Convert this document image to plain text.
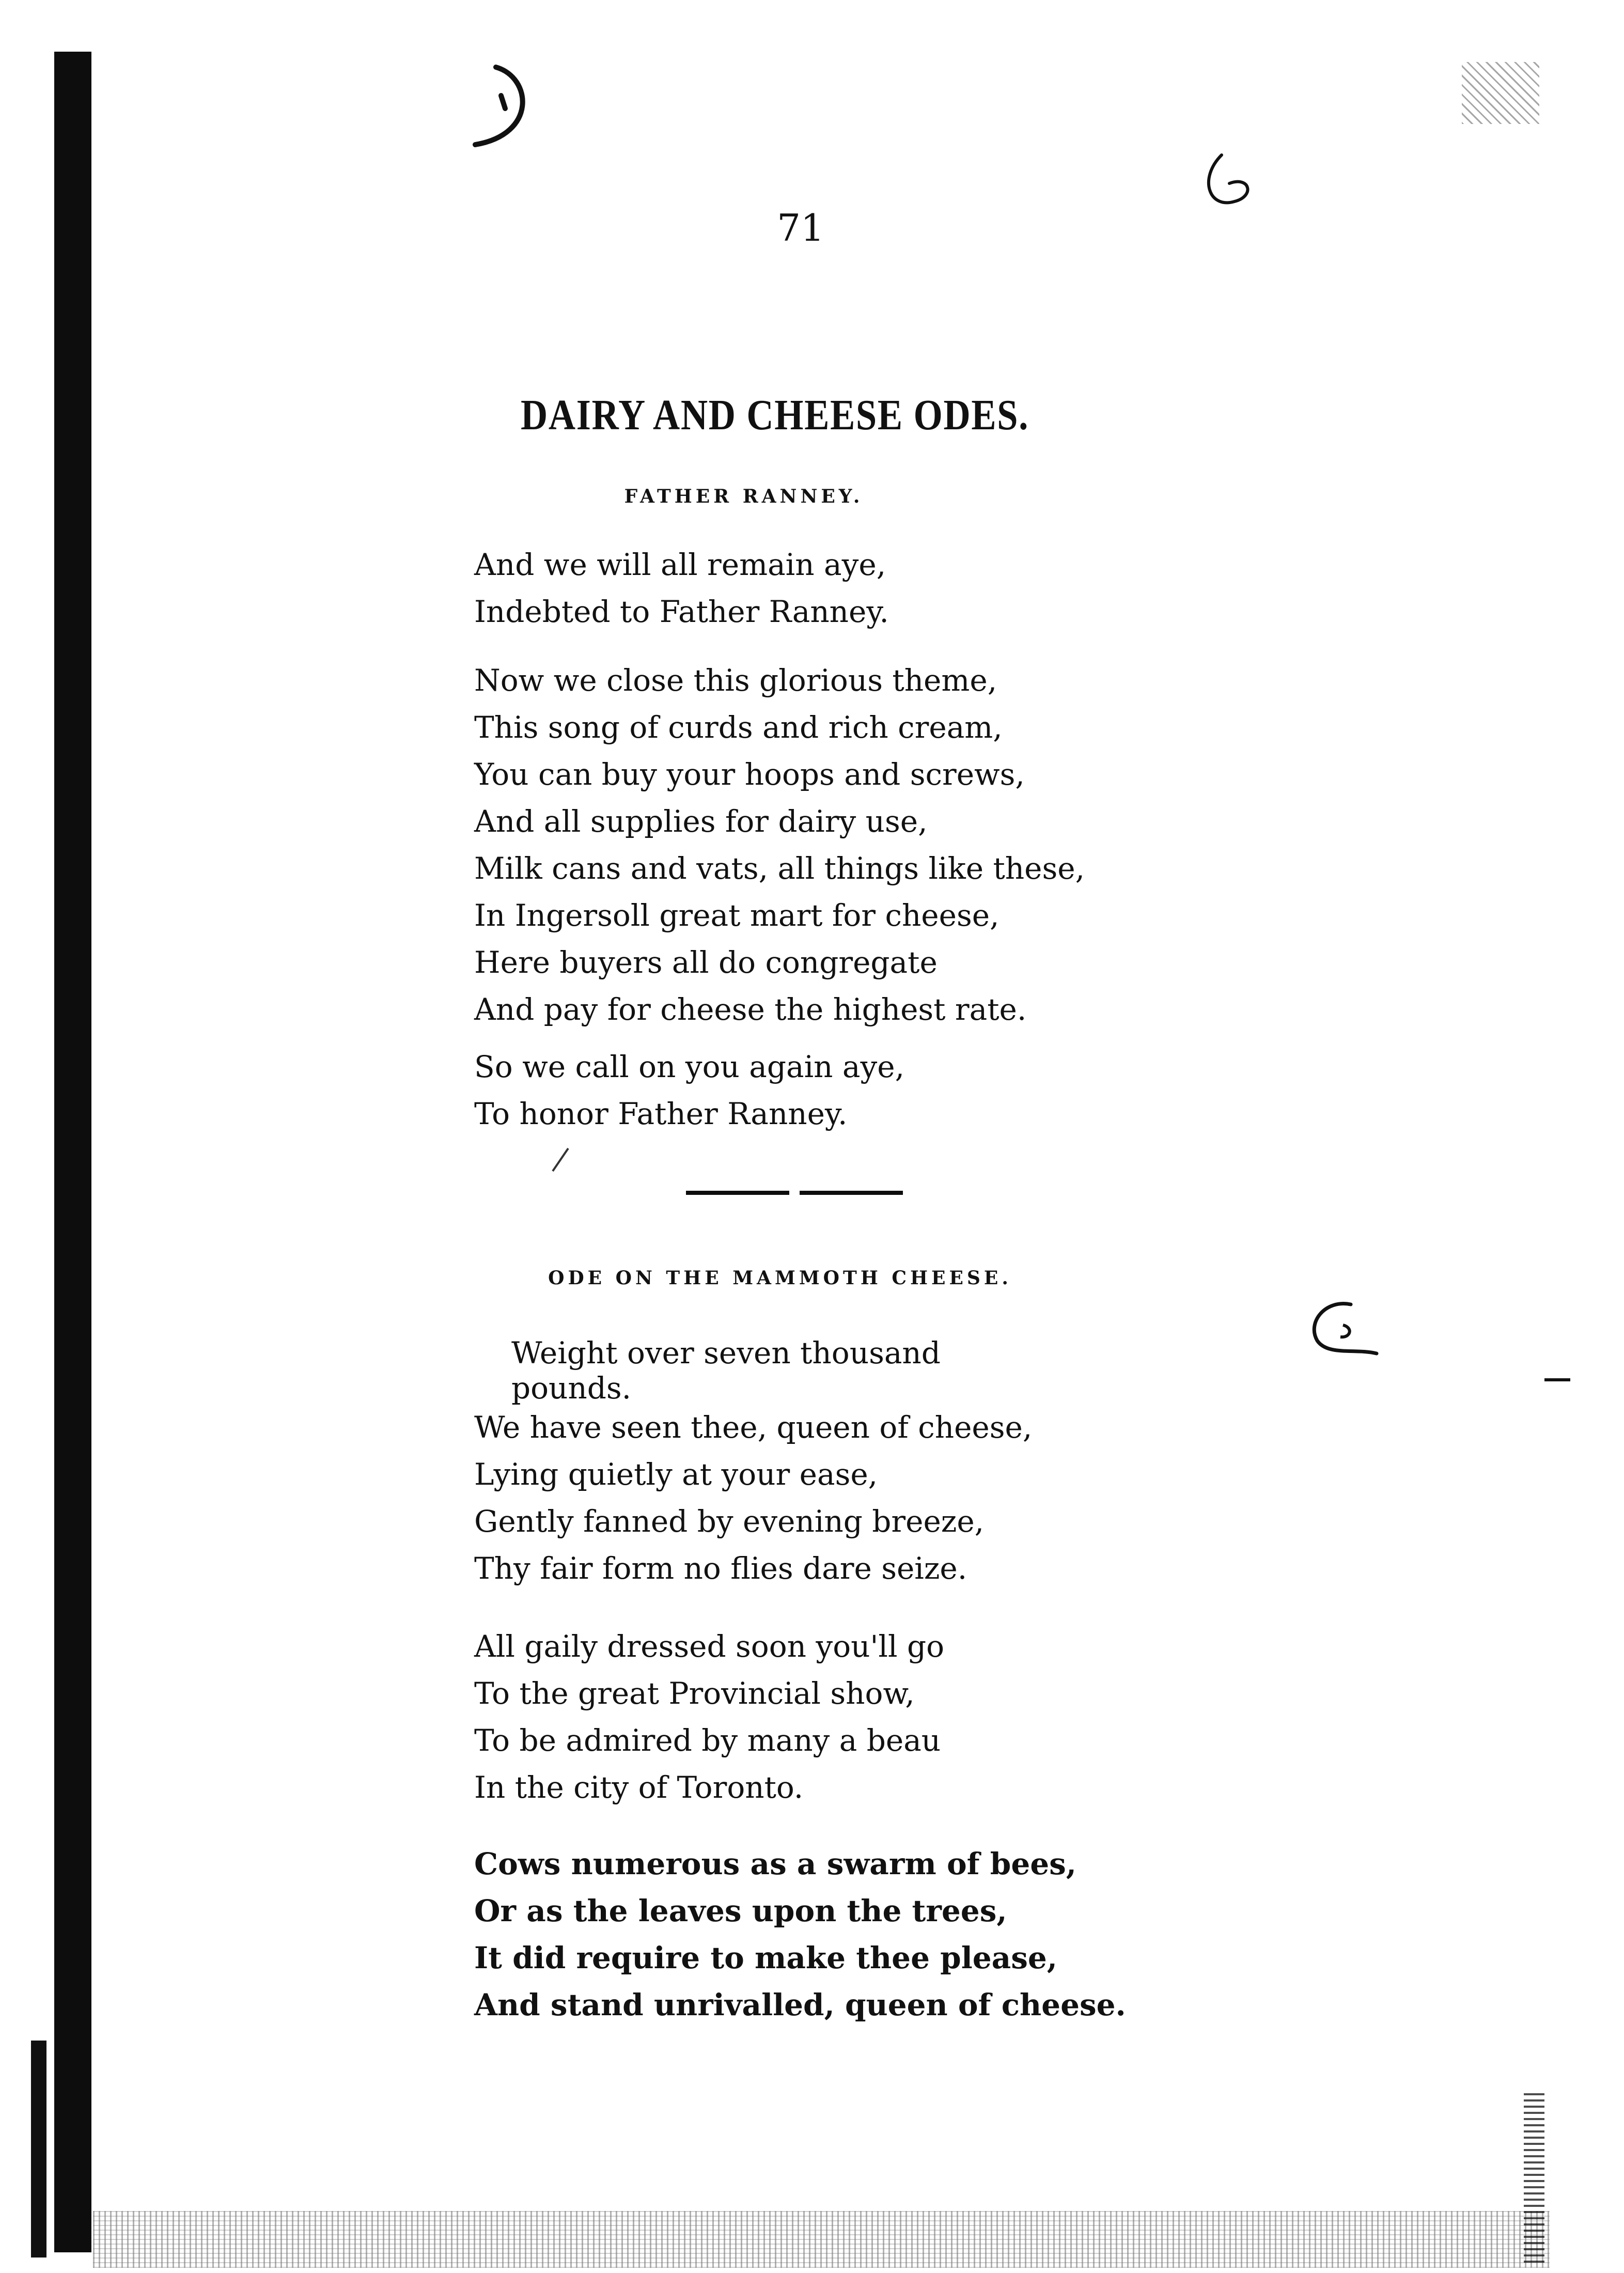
71
DAIRY AND CHEESE ODES.
FATHER RANNEY.
And we will all remain aye,
Indebted to Father Ranney.
Now we close this glorious theme,
This song of curds and rich cream,
You can buy your hoops and screws,
And all supplies for dairy use,
Milk cans and vats, all things like these,
In Ingersoll great mart for cheese,
Here buyers all do congregate
And pay for cheese the highest rate.
So we call on you again aye,
To honor Father Ranney.
ODE ON THE MAMMOTH CHEESE.

Weight over seven thousand pounds.

We have seen thee, queen of cheese,
Lying quietly at your ease,
Gently fanned by evening breeze,
Thy fair form no flies dare seize.
All gaily dressed soon you'll go
To the great Provincial show,
To be admired by many a beau
In the city of Toronto.
Cows numerous as a swarm of bees,
Or as the leaves upon the trees,
It did require to make thee please,
And stand unrivalled, queen of cheese.
